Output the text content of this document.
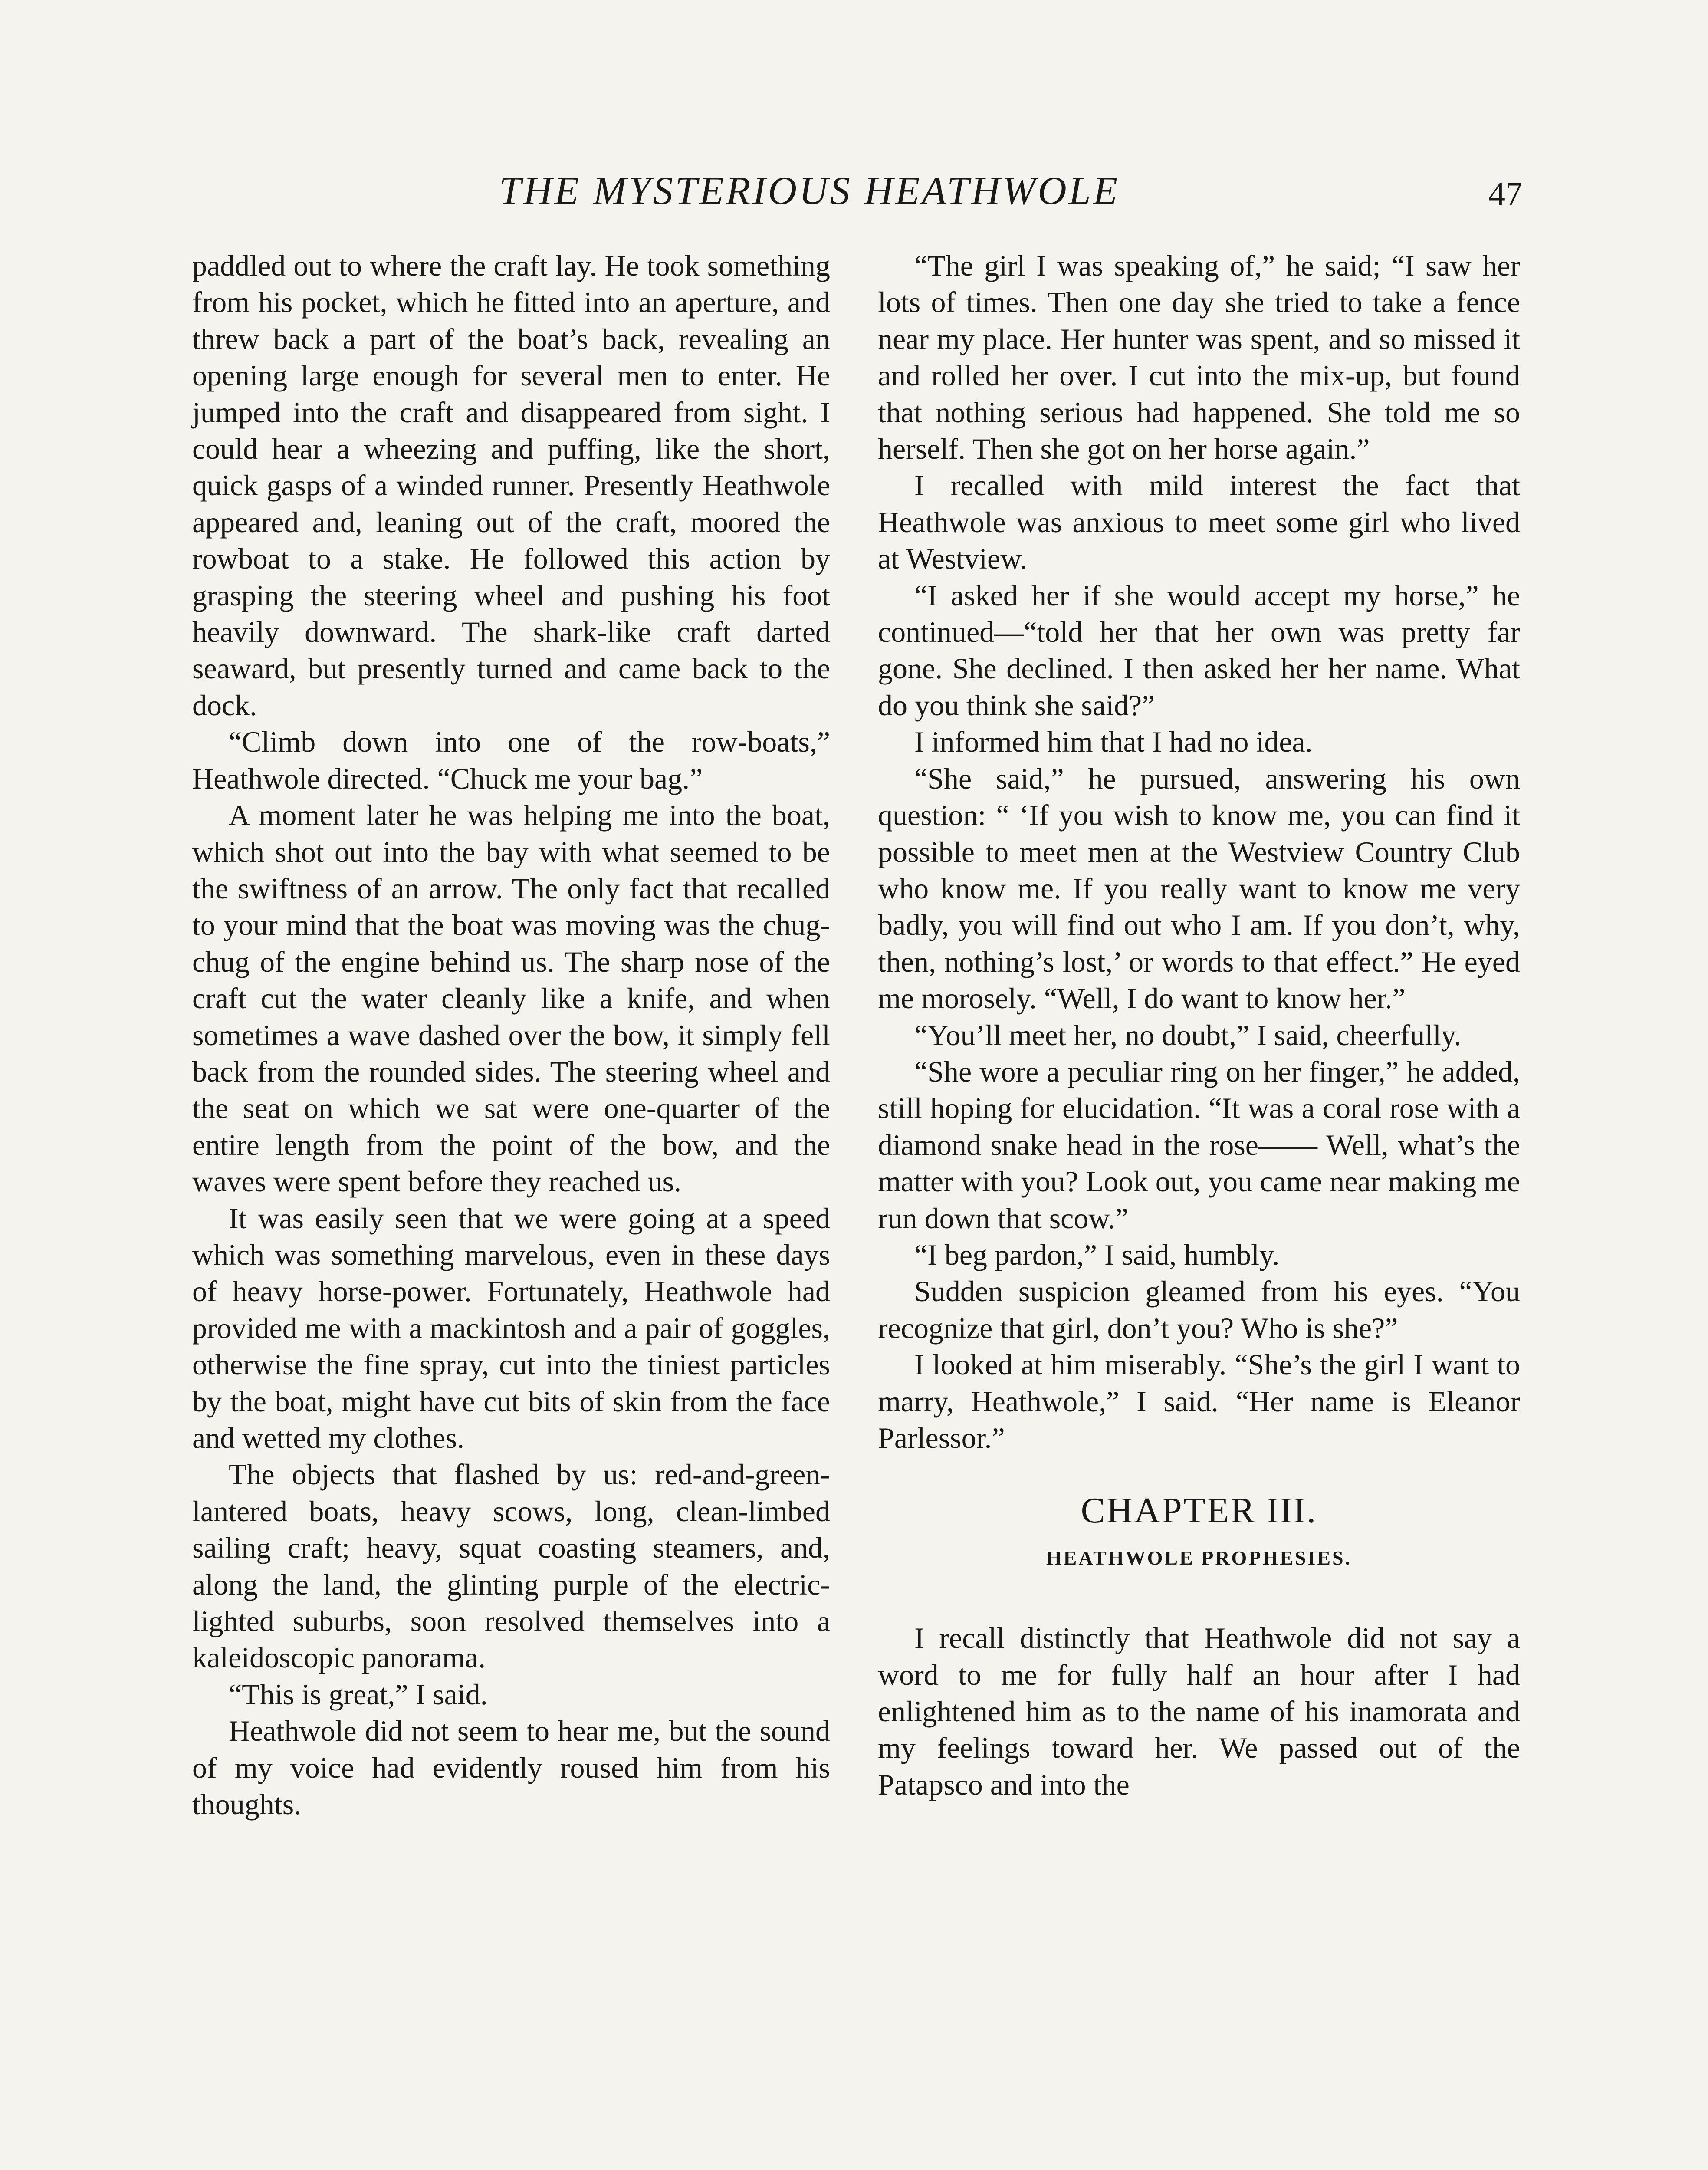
THE MYSTERIOUS HEATHWOLE	47

paddled out to where the craft lay. He took something from his pocket, which he fitted into an aperture, and threw back a part of the boat’s back, revealing an opening large enough for several men to enter. He jumped into the craft and disappeared from sight. I could hear a wheezing and puffing, like the short, quick gasps of a winded runner. Presently Heathwole appeared and, leaning out of the craft, moored the rowboat to a stake. He followed this action by grasping the steering wheel and pushing his foot heavily downward. The shark-like craft darted seaward, but presently turned and came back to the dock.

“Climb down into one of the row-boats,” Heathwole directed. “Chuck me your bag.”

A moment later he was helping me into the boat, which shot out into the bay with what seemed to be the swiftness of an arrow. The only fact that recalled to your mind that the boat was moving was the chug-chug of the engine behind us. The sharp nose of the craft cut the water cleanly like a knife, and when sometimes a wave dashed over the bow, it simply fell back from the rounded sides. The steering wheel and the seat on which we sat were one-quarter of the entire length from the point of the bow, and the waves were spent before they reached us.

It was easily seen that we were going at a speed which was something marvelous, even in these days of heavy horse-power. Fortunately, Heathwole had provided me with a mackintosh and a pair of goggles, otherwise the fine spray, cut into the tiniest particles by the boat, might have cut bits of skin from the face and wetted my clothes.

The objects that flashed by us: red-and-green-lantered boats, heavy scows, long, clean-limbed sailing craft; heavy, squat coasting steamers, and, along the land, the glinting purple of the electric-lighted suburbs, soon resolved themselves into a kaleidoscopic panorama.

“This is great,” I said.

Heathwole did not seem to hear me, but the sound of my voice had evidently roused him from his thoughts.

“The girl I was speaking of,” he said; “I saw her lots of times. Then one day she tried to take a fence near my place. Her hunter was spent, and so missed it and rolled her over. I cut into the mix-up, but found that nothing serious had happened. She told me so herself. Then she got on her horse again.”

I recalled with mild interest the fact that Heathwole was anxious to meet some girl who lived at Westview.

“I asked her if she would accept my horse,” he continued—“told her that her own was pretty far gone. She declined. I then asked her her name. What do you think she said?”

I informed him that I had no idea.

“She said,” he pursued, answering his own question: “ ‘If you wish to know me, you can find it possible to meet men at the Westview Country Club who know me. If you really want to know me very badly, you will find out who I am. If you don’t, why, then, nothing’s lost,’ or words to that effect.” He eyed me morosely. “Well, I do want to know her.”

“You’ll meet her, no doubt,” I said, cheerfully.

“She wore a peculiar ring on her finger,” he added, still hoping for elucidation. “It was a coral rose with a diamond snake head in the rose—— Well, what’s the matter with you? Look out, you came near making me run down that scow.”

“I beg pardon,” I said, humbly.

Sudden suspicion gleamed from his eyes. “You recognize that girl, don’t you? Who is she?”

I looked at him miserably. “She’s the girl I want to marry, Heathwole,” I said. “Her name is Eleanor Parlessor.”

CHAPTER III.
HEATHWOLE PROPHESIES.

I recall distinctly that Heathwole did not say a word to me for fully half an hour after I had enlightened him as to the name of his inamorata and my feelings toward her. We passed out of the Patapsco and into the
